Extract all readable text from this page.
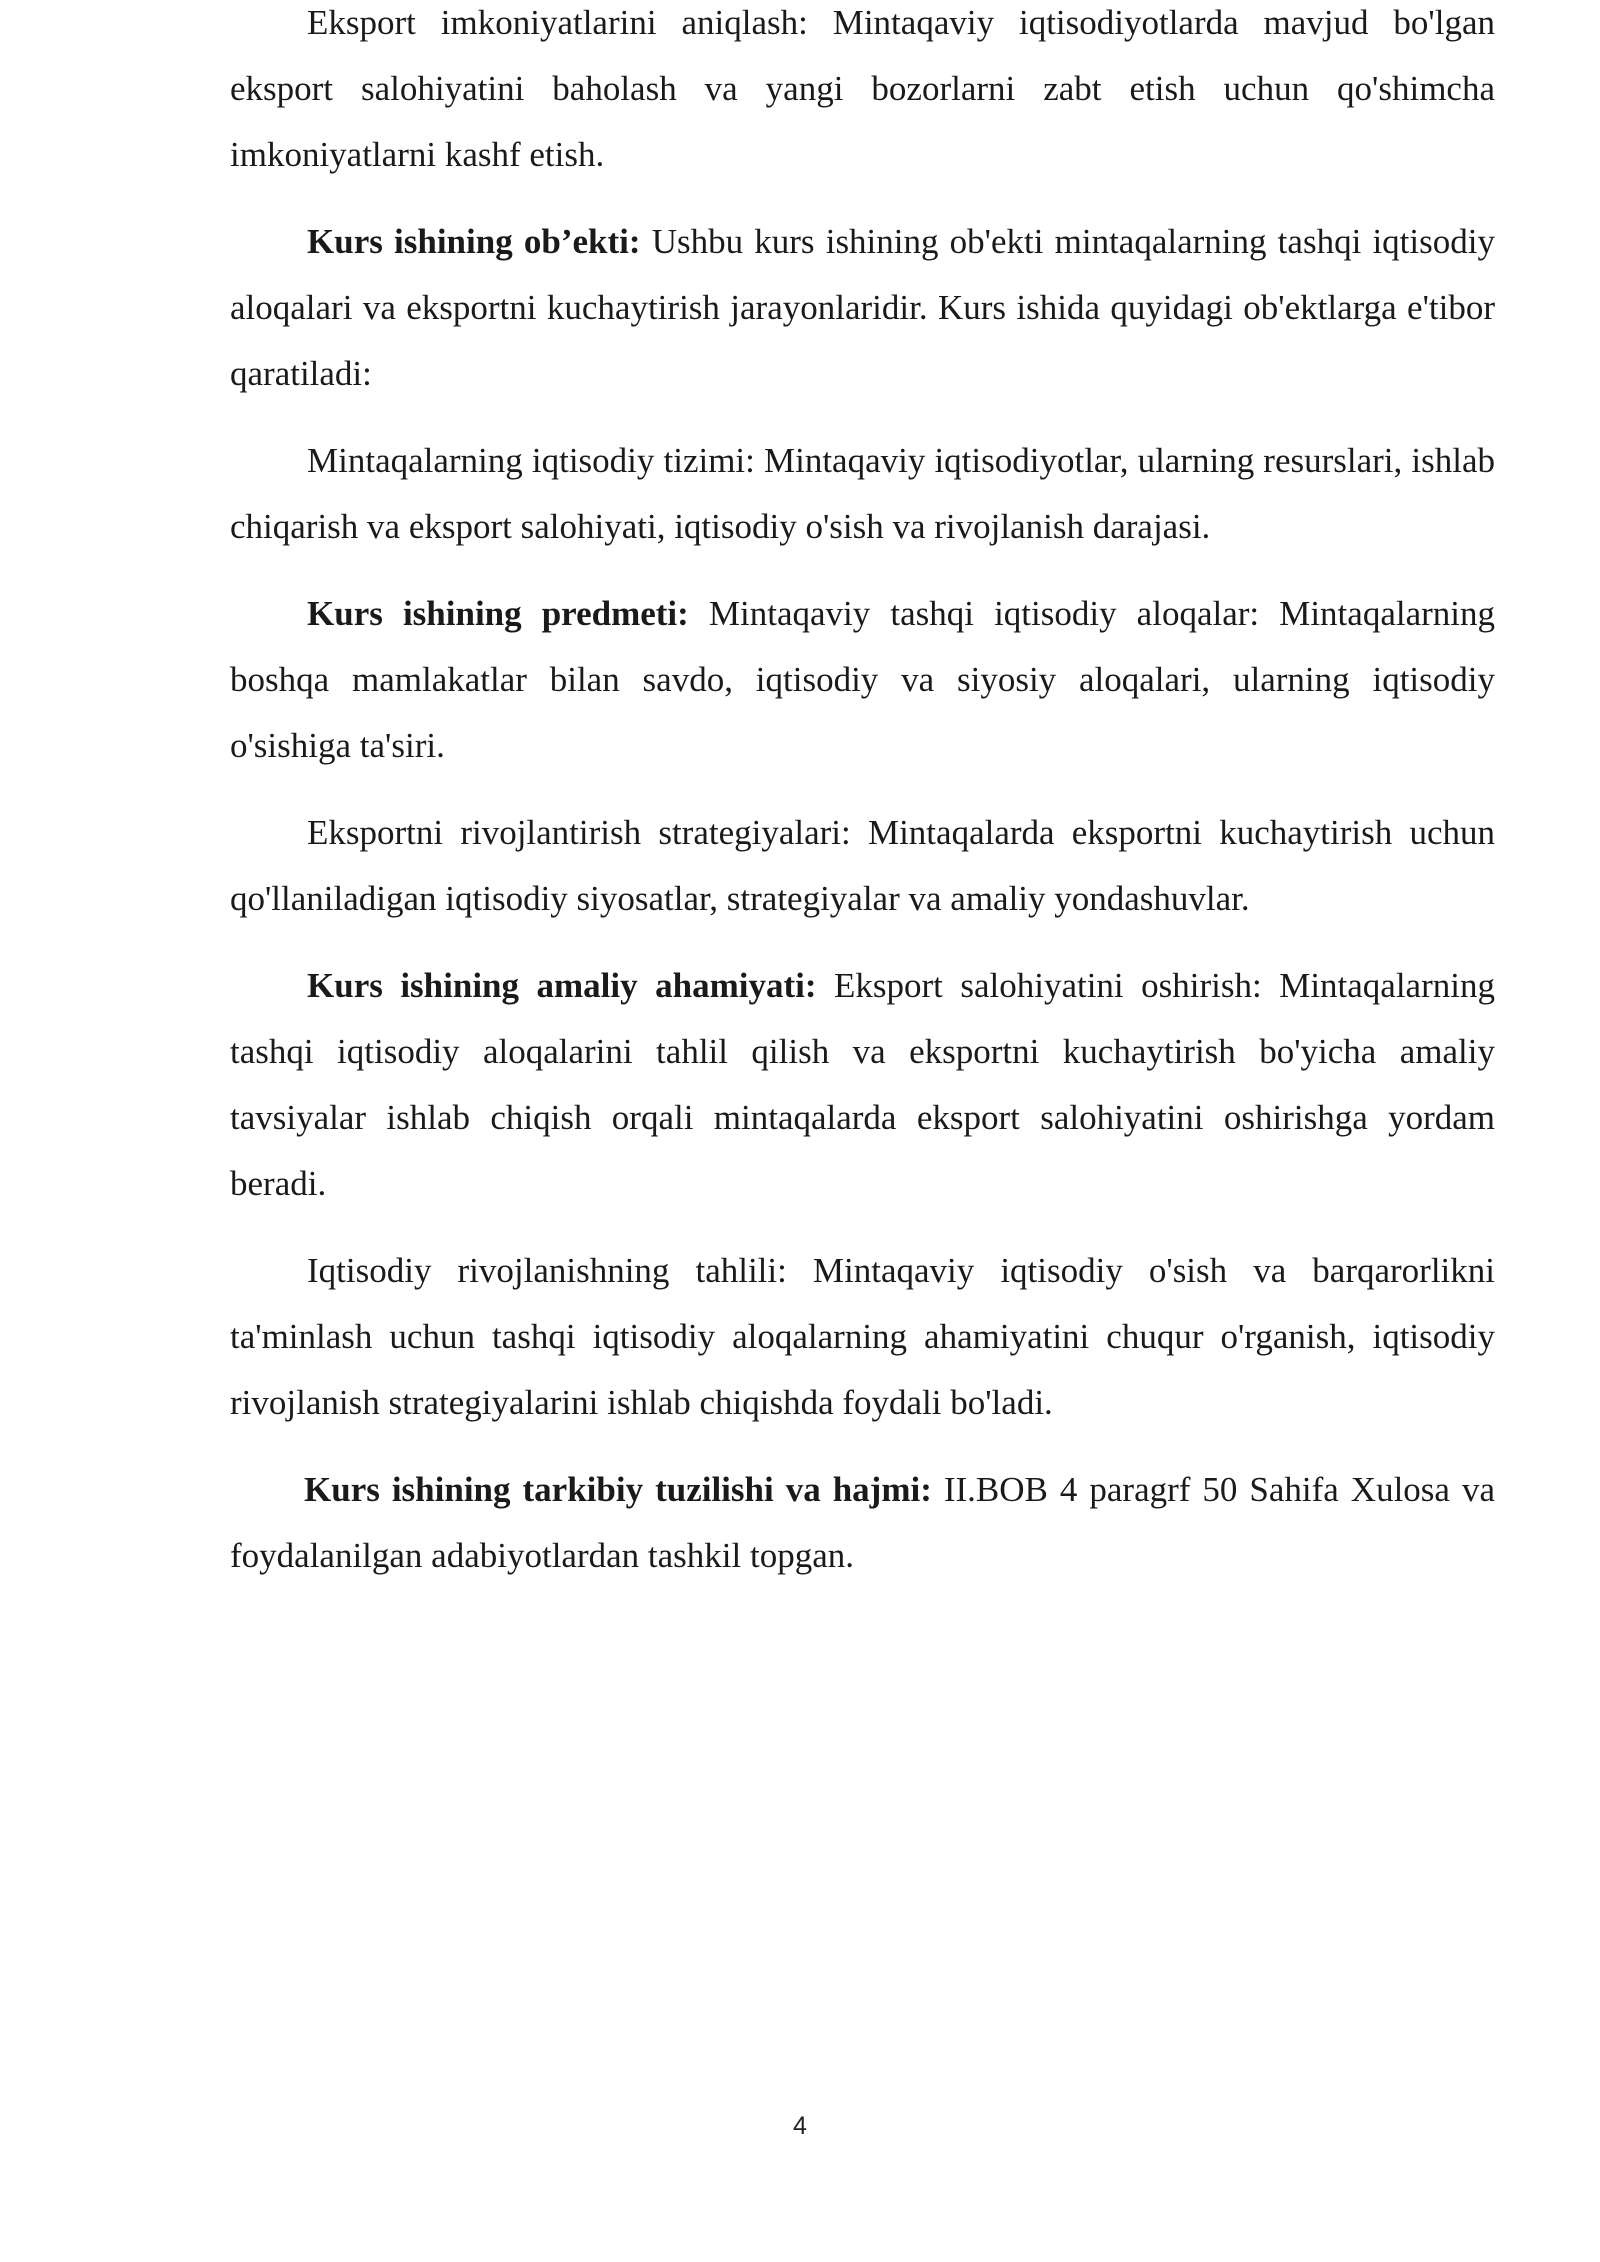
Eksport imkoniyatlarini aniqlash: Mintaqaviy iqtisodiyotlarda mavjud bo'lgan eksport salohiyatini baholash va yangi bozorlarni zabt etish uchun qo'shimcha imkoniyatlarni kashf etish.

Kurs ishining ob’ekti: Ushbu kurs ishining ob'ekti mintaqalarning tashqi iqtisodiy aloqalari va eksportni kuchaytirish jarayonlaridir. Kurs ishida quyidagi ob'ektlarga e'tibor qaratiladi:

Mintaqalarning iqtisodiy tizimi: Mintaqaviy iqtisodiyotlar, ularning resurslari, ishlab chiqarish va eksport salohiyati, iqtisodiy o'sish va rivojlanish darajasi.

Kurs ishining predmeti: Mintaqaviy tashqi iqtisodiy aloqalar: Mintaqalarning boshqa mamlakatlar bilan savdo, iqtisodiy va siyosiy aloqalari, ularning iqtisodiy o'sishiga ta'siri.

Eksportni rivojlantirish strategiyalari: Mintaqalarda eksportni kuchaytirish uchun qo'llaniladigan iqtisodiy siyosatlar, strategiyalar va amaliy yondashuvlar.

Kurs ishining amaliy ahamiyati: Eksport salohiyatini oshirish: Mintaqalarning tashqi iqtisodiy aloqalarini tahlil qilish va eksportni kuchaytirish bo'yicha amaliy tavsiyalar ishlab chiqish orqali mintaqalarda eksport salohiyatini oshirishga yordam beradi.

Iqtisodiy rivojlanishning tahlili: Mintaqaviy iqtisodiy o'sish va barqarorlikni ta'minlash uchun tashqi iqtisodiy aloqalarning ahamiyatini chuqur o'rganish, iqtisodiy rivojlanish strategiyalarini ishlab chiqishda foydali bo'ladi.

Kurs ishining tarkibiy tuzilishi va hajmi: II.BOB 4 paragrf 50 Sahifa Xulosa va foydalanilgan adabiyotlardan tashkil topgan.

4
